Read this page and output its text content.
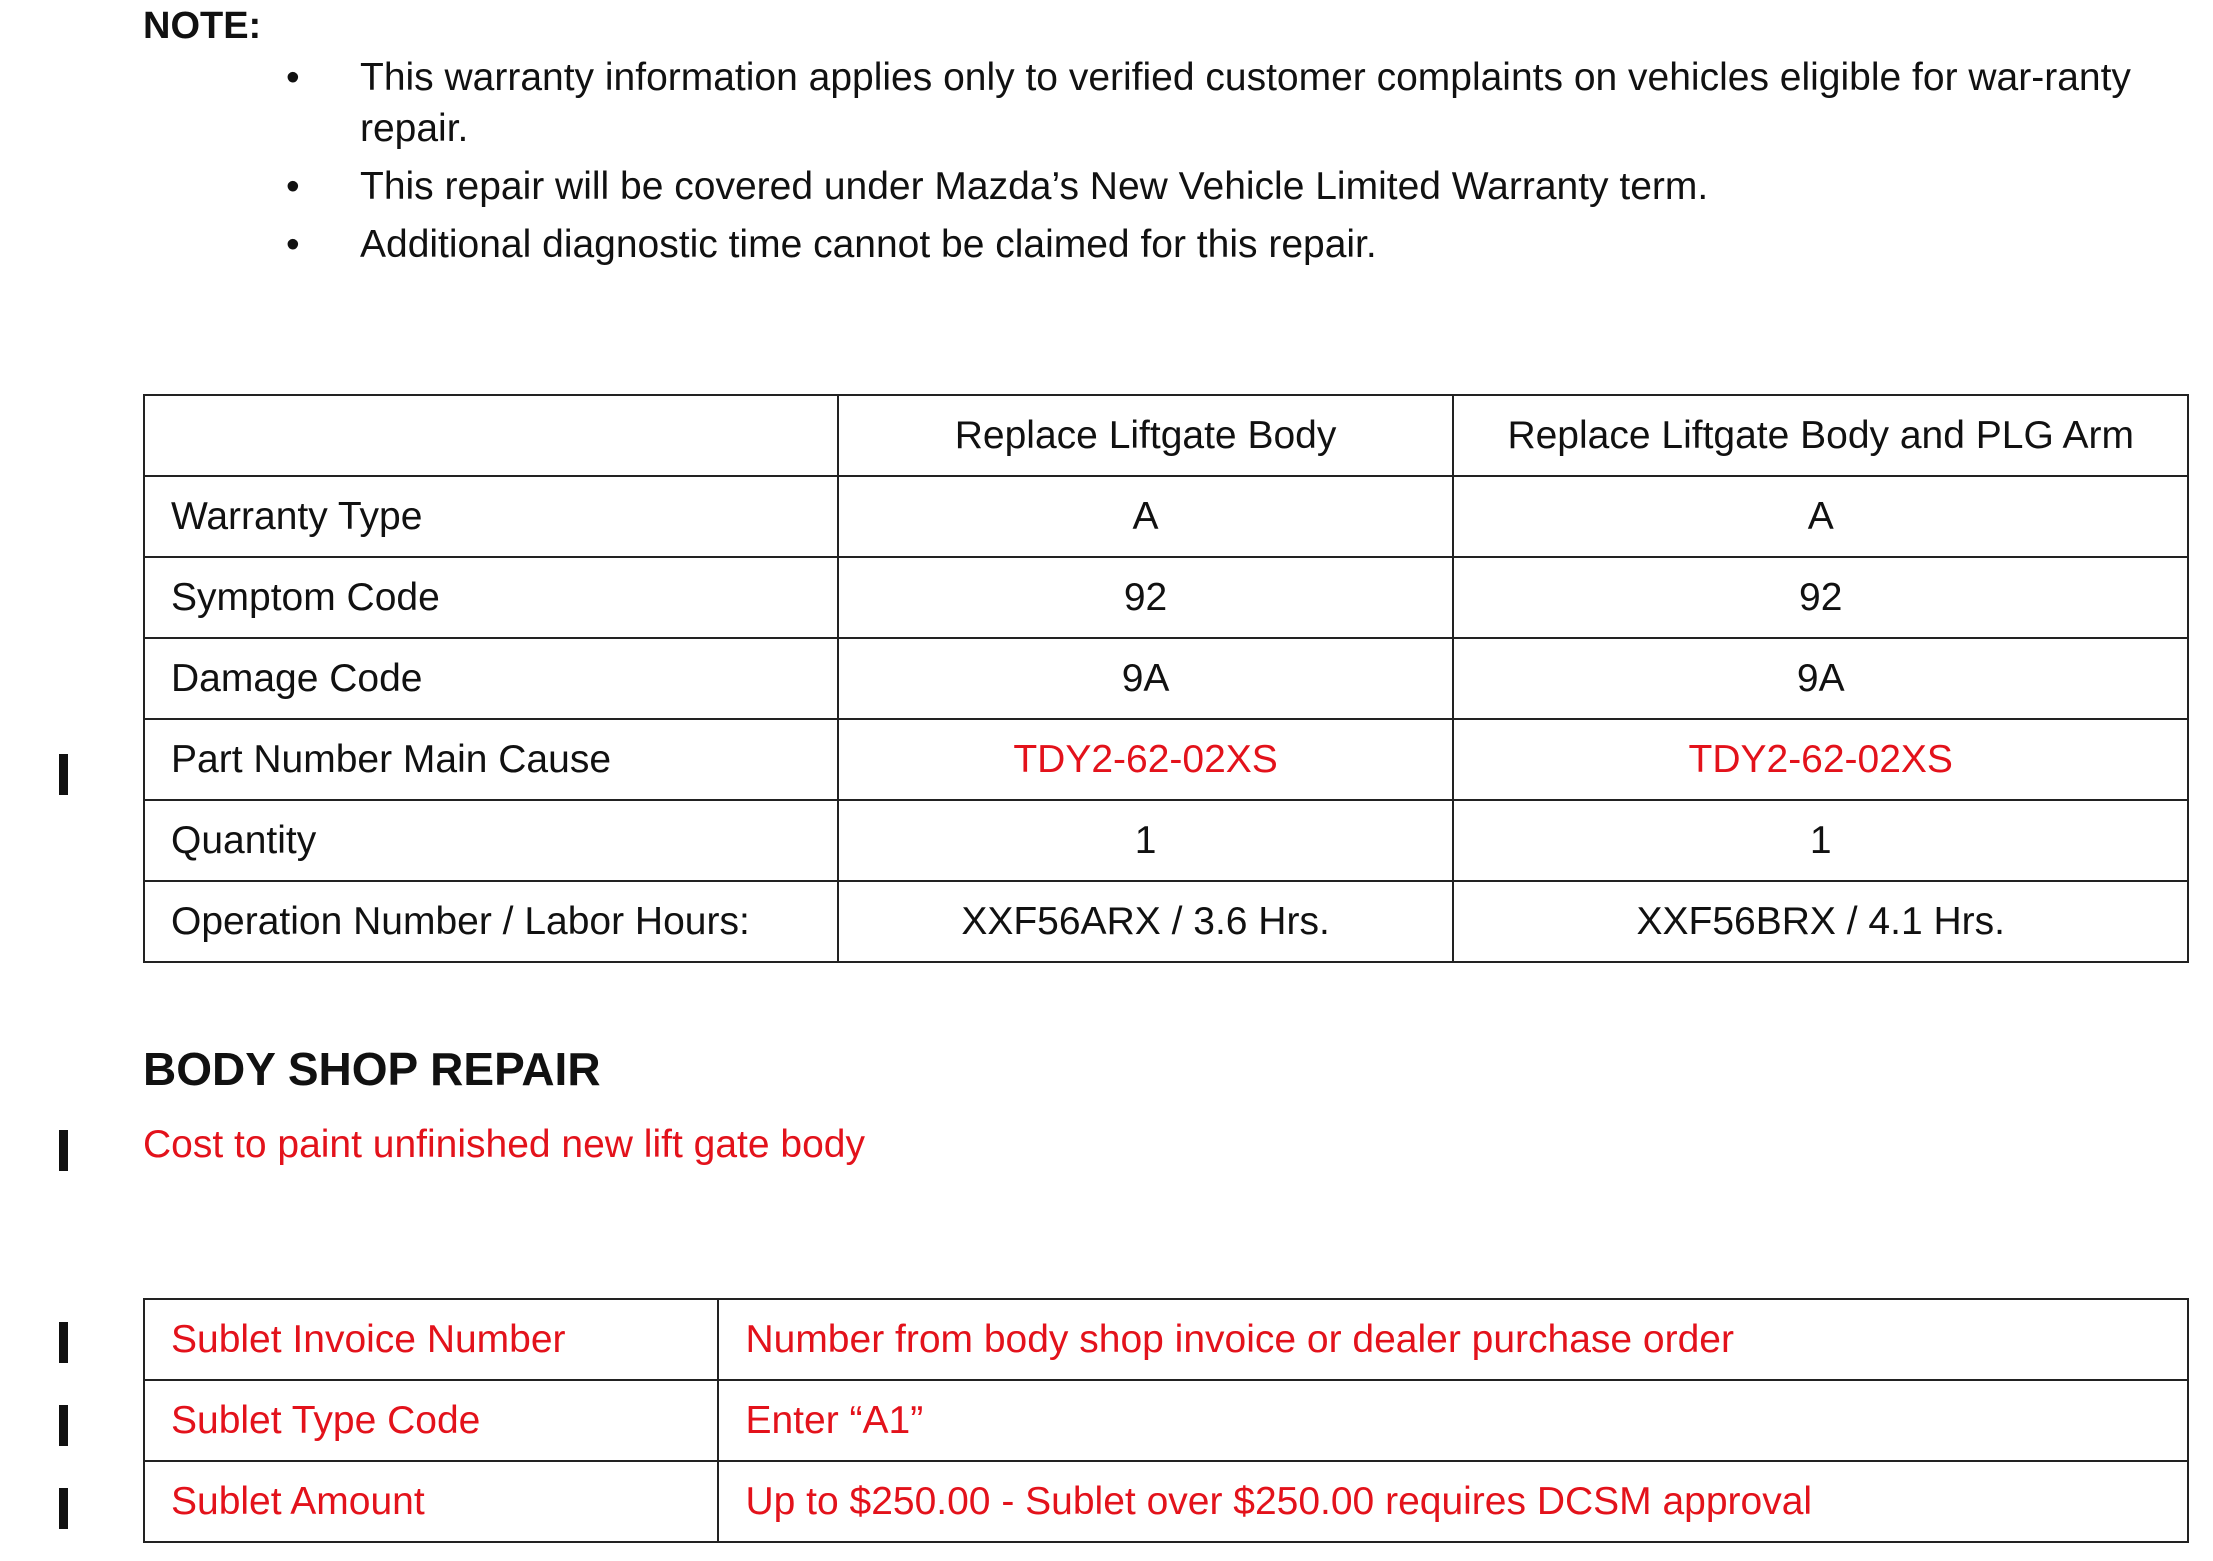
NOTE:
• This warranty information applies only to verified customer complaints on vehicles eligible for war-ranty repair.
• This repair will be covered under Mazda’s New Vehicle Limited Warranty term.
• Additional diagnostic time cannot be claimed for this repair.
	Replace Liftgate Body	Replace Liftgate Body and PLG Arm
Warranty Type	A	A
Symptom Code	92	92
Damage Code	9A	9A
Part Number Main Cause	TDY2-62-02XS	TDY2-62-02XS
Quantity	1	1
Operation Number / Labor Hours:	XXF56ARX / 3.6 Hrs.	XXF56BRX / 4.1 Hrs.
BODY SHOP REPAIR
Cost to paint unfinished new lift gate body
Sublet Invoice Number	Number from body shop invoice or dealer purchase order
Sublet Type Code	Enter “A1”
Sublet Amount	Up to $250.00 - Sublet over $250.00 requires DCSM approval
